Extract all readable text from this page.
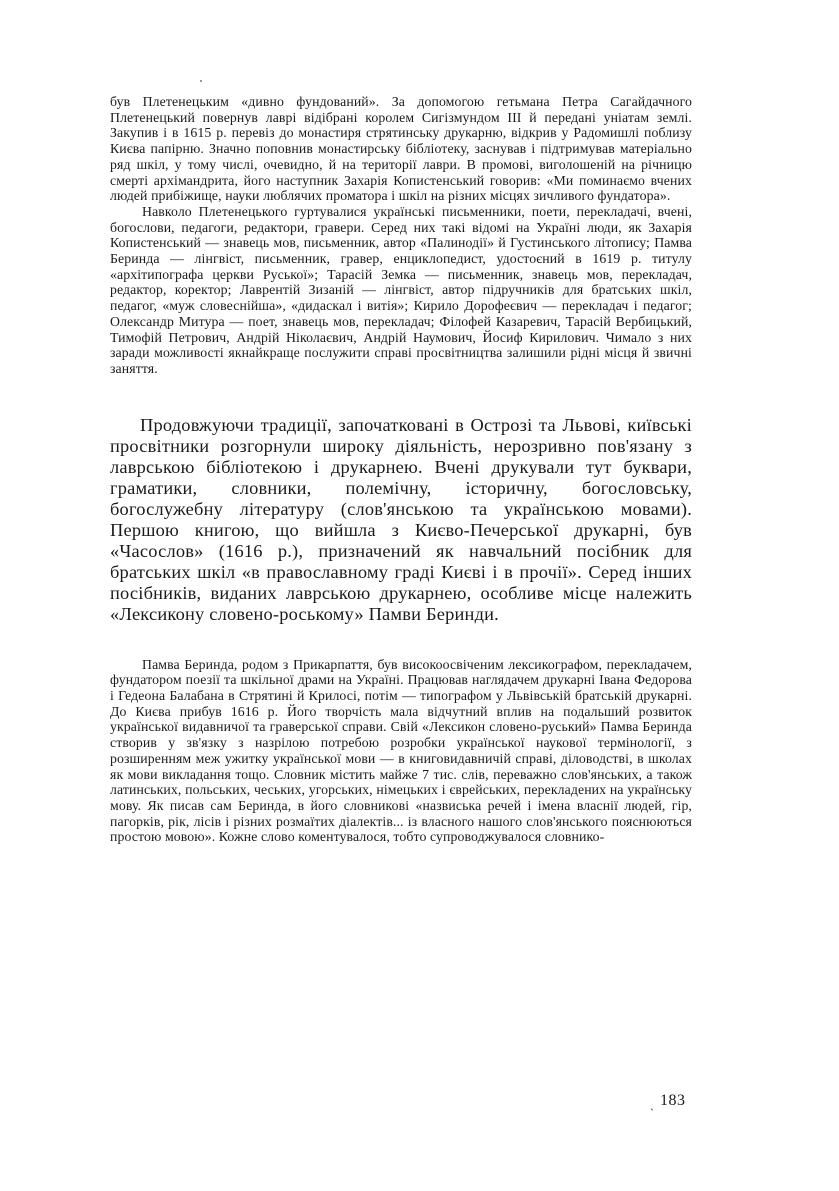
був Плетенецьким «дивно фундований». За допомогою гетьмана Петра Сагайдачного Плетенецький повернув лаврі відібрані королем Сигізмундом III й передані уніатам землі. Закупив і в 1615 р. перевіз до монастиря стрятинську друкарню, відкрив у Радомишлі поблизу Києва папірню. Значно поповнив монастирську бібліотеку, заснував і підтримував матеріально ряд шкіл, у тому числі, очевидно, й на території лаври. В промові, виголошеній на річницю смерті архімандрита, його наступник Захарія Копистенський говорив: «Ми поминаємо вчених людей прибіжище, науки люблячих проматора і шкіл на різних місцях зичливого фундатора».

Навколо Плетенецького гуртувалися українські письменники, поети, перекладачі, вчені, богослови, педагоги, редактори, гравери. Серед них такі відомі на Україні люди, як Захарія Копистенський — знавець мов, письменник, автор «Палинодії» й Густинського літопису; Памва Беринда — лінгвіст, письменник, гравер, енциклопедист, удостоєний в 1619 р. титулу «архітипографа церкви Руської»; Тарасій Земка — письменник, знавець мов, перекладач, редактор, коректор; Лаврентій Зизаній — лінгвіст, автор підручників для братських шкіл, педагог, «муж словеснійша», «дидаскал і витія»; Кирило Дорофеєвич — перекладач і педагог; Олександр Митура — поет, знавець мов, перекладач; Філофей Казаревич, Тарасій Вербицький, Тимофій Петрович, Андрій Ніколаєвич, Андрій Наумович, Йосиф Кирилович. Чимало з них заради можливості якнайкраще послужити справі просвітництва залишили рідні місця й звичні заняття.

Продовжуючи традиції, започатковані в Острозі та Львові, київські просвітники розгорнули широку діяльність, нерозривно пов'язану з лаврською бібліотекою і друкарнею. Вчені друкували тут буквари, граматики, словники, полемічну, історичну, богословську, богослужебну літературу (слов'янською та українською мовами). Першою книгою, що вийшла з Києво-Печерської друкарні, був «Часослов» (1616 р.), призначений як навчальний посібник для братських шкіл «в православному граді Києві і в прочії». Серед інших посібників, виданих лаврською друкарнею, особливе місце належить «Лексикону словено-роському» Памви Беринди.

Памва Беринда, родом з Прикарпаття, був високоосвіченим лексикографом, перекладачем, фундатором поезії та шкільної драми на Україні. Працював наглядачем друкарні Івана Федорова і Гедеона Балабана в Стрятині й Крилосі, потім — типографом у Львівській братській друкарні. До Києва прибув 1616 р. Його творчість мала відчутний вплив на подальший розвиток української видавничої та граверської справи. Свій «Лексикон словено-руський» Памва Беринда створив у зв'язку з назрілою потребою розробки української наукової термінології, з розширенням меж ужитку української мови — в книговидавничій справі, діловодстві, в школах як мови викладання тощо. Словник містить майже 7 тис. слів, переважно слов'янських, а також латинських, польських, чеських, угорських, німецьких і єврейських, перекладених на українську мову. Як писав сам Беринда, в його словникові «назвиська речей і імена власнії людей, гір, пагорків, рік, лісів і різних розмаїтих діалектів... із власного нашого слов'янського пояснюються простою мовою». Кожне слово коментувалося, тобто супроводжувалося словнико-

ˎ 183
